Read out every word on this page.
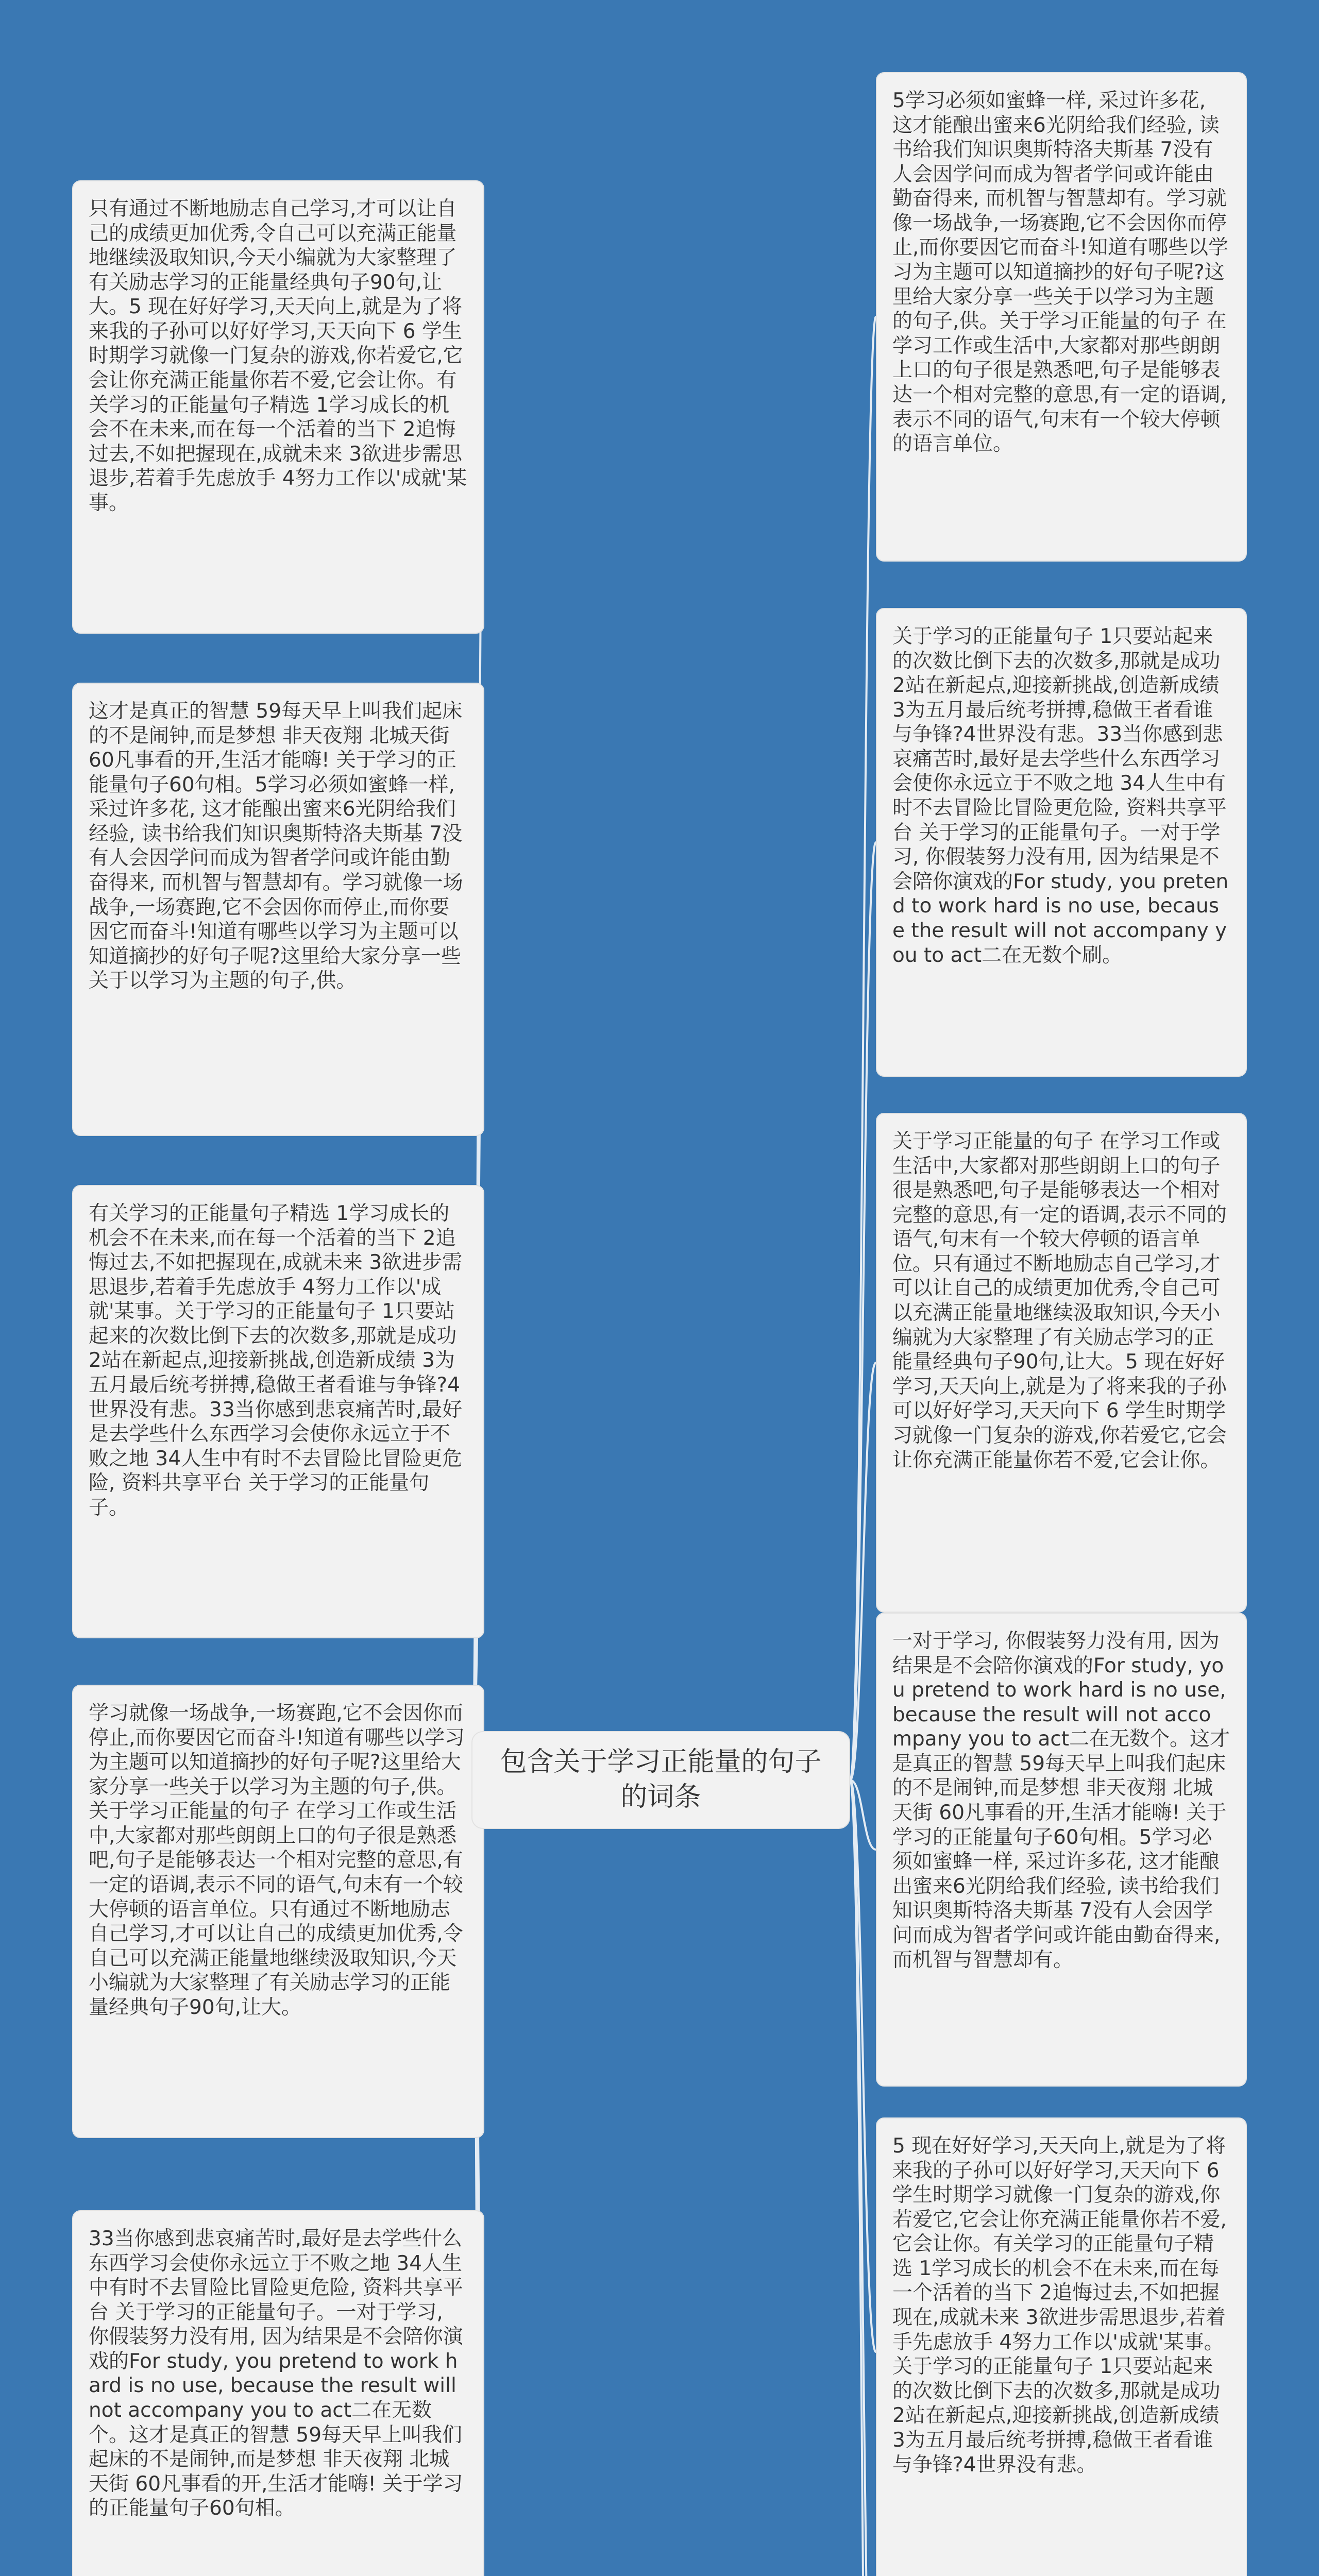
只有通过不断地励志自己学习,才可以让自己的成绩更加优秀,令自己可以充满正能量地继续汲取知识,今天小编就为大家整理了有关励志学习的正能量经典句子90句,让大。5 现在好好学习,天天向上,就是为了将来我的子孙可以好好学习,天天向下 6 学生时期学习就像一门复杂的游戏,你若爱它,它会让你充满正能量你若不爱,它会让你。有关学习的正能量句子精选 1学习成长的机会不在未来,而在每一个活着的当下 2追悔过去,不如把握现在,成就未来 3欲进步需思退步,若着手先虑放手 4努力工作以'成就'某事。
这才是真正的智慧 59每天早上叫我们起床的不是闹钟,而是梦想 非天夜翔 北城天街 60凡事看的开,生活才能嗨! 关于学习的正能量句子60句相。5学习必须如蜜蜂一样, 采过许多花, 这才能酿出蜜来6光阴给我们经验, 读书给我们知识奥斯特洛夫斯基 7没有人会因学问而成为智者学问或许能由勤奋得来, 而机智与智慧却有。学习就像一场战争,一场赛跑,它不会因你而停止,而你要因它而奋斗!知道有哪些以学习为主题可以知道摘抄的好句子呢?这里给大家分享一些关于以学习为主题的句子,供。
有关学习的正能量句子精选 1学习成长的机会不在未来,而在每一个活着的当下 2追悔过去,不如把握现在,成就未来 3欲进步需思退步,若着手先虑放手 4努力工作以'成就'某事。关于学习的正能量句子 1只要站起来的次数比倒下去的次数多,那就是成功 2站在新起点,迎接新挑战,创造新成绩 3为五月最后统考拼搏,稳做王者看谁与争锋?4世界没有悲。33当你感到悲哀痛苦时,最好是去学些什么东西学习会使你永远立于不败之地 34人生中有时不去冒险比冒险更危险, 资料共享平台 关于学习的正能量句子。
学习就像一场战争,一场赛跑,它不会因你而停止,而你要因它而奋斗!知道有哪些以学习为主题可以知道摘抄的好句子呢?这里给大家分享一些关于以学习为主题的句子,供。关于学习正能量的句子 在学习工作或生活中,大家都对那些朗朗上口的句子很是熟悉吧,句子是能够表达一个相对完整的意思,有一定的语调,表示不同的语气,句末有一个较大停顿的语言单位。只有通过不断地励志自己学习,才可以让自己的成绩更加优秀,令自己可以充满正能量地继续汲取知识,今天小编就为大家整理了有关励志学习的正能量经典句子90句,让大。
33当你感到悲哀痛苦时,最好是去学些什么东西学习会使你永远立于不败之地 34人生中有时不去冒险比冒险更危险, 资料共享平台 关于学习的正能量句子。一对于学习, 你假装努力没有用, 因为结果是不会陪你演戏的For study, you pretend to work hard is no use, because the result will not accompany you to act二在无数个。这才是真正的智慧 59每天早上叫我们起床的不是闹钟,而是梦想 非天夜翔 北城天街 60凡事看的开,生活才能嗨! 关于学习的正能量句子60句相。
包含关于学习正能量的句子的词条
5学习必须如蜜蜂一样, 采过许多花, 这才能酿出蜜来6光阴给我们经验, 读书给我们知识奥斯特洛夫斯基 7没有人会因学问而成为智者学问或许能由勤奋得来, 而机智与智慧却有。学习就像一场战争,一场赛跑,它不会因你而停止,而你要因它而奋斗!知道有哪些以学习为主题可以知道摘抄的好句子呢?这里给大家分享一些关于以学习为主题的句子,供。关于学习正能量的句子 在学习工作或生活中,大家都对那些朗朗上口的句子很是熟悉吧,句子是能够表达一个相对完整的意思,有一定的语调,表示不同的语气,句末有一个较大停顿的语言单位。
关于学习的正能量句子 1只要站起来的次数比倒下去的次数多,那就是成功 2站在新起点,迎接新挑战,创造新成绩 3为五月最后统考拼搏,稳做王者看谁与争锋?4世界没有悲。33当你感到悲哀痛苦时,最好是去学些什么东西学习会使你永远立于不败之地 34人生中有时不去冒险比冒险更危险, 资料共享平台 关于学习的正能量句子。一对于学习, 你假装努力没有用, 因为结果是不会陪你演戏的For study, you pretend to work hard is no use, because the result will not accompany you to act二在无数个刷。
关于学习正能量的句子 在学习工作或生活中,大家都对那些朗朗上口的句子很是熟悉吧,句子是能够表达一个相对完整的意思,有一定的语调,表示不同的语气,句末有一个较大停顿的语言单位。只有通过不断地励志自己学习,才可以让自己的成绩更加优秀,令自己可以充满正能量地继续汲取知识,今天小编就为大家整理了有关励志学习的正能量经典句子90句,让大。5 现在好好学习,天天向上,就是为了将来我的子孙可以好好学习,天天向下 6 学生时期学习就像一门复杂的游戏,你若爱它,它会让你充满正能量你若不爱,它会让你。
一对于学习, 你假装努力没有用, 因为结果是不会陪你演戏的For study, you pretend to work hard is no use, because the result will not accompany you to act二在无数个。这才是真正的智慧 59每天早上叫我们起床的不是闹钟,而是梦想 非天夜翔 北城天街 60凡事看的开,生活才能嗨! 关于学习的正能量句子60句相。5学习必须如蜜蜂一样, 采过许多花, 这才能酿出蜜来6光阴给我们经验, 读书给我们知识奥斯特洛夫斯基 7没有人会因学问而成为智者学问或许能由勤奋得来, 而机智与智慧却有。
5 现在好好学习,天天向上,就是为了将来我的子孙可以好好学习,天天向下 6 学生时期学习就像一门复杂的游戏,你若爱它,它会让你充满正能量你若不爱,它会让你。有关学习的正能量句子精选 1学习成长的机会不在未来,而在每一个活着的当下 2追悔过去,不如把握现在,成就未来 3欲进步需思退步,若着手先虑放手 4努力工作以'成就'某事。关于学习的正能量句子 1只要站起来的次数比倒下去的次数多,那就是成功 2站在新起点,迎接新挑战,创造新成绩 3为五月最后统考拼搏,稳做王者看谁与争锋?4世界没有悲。
